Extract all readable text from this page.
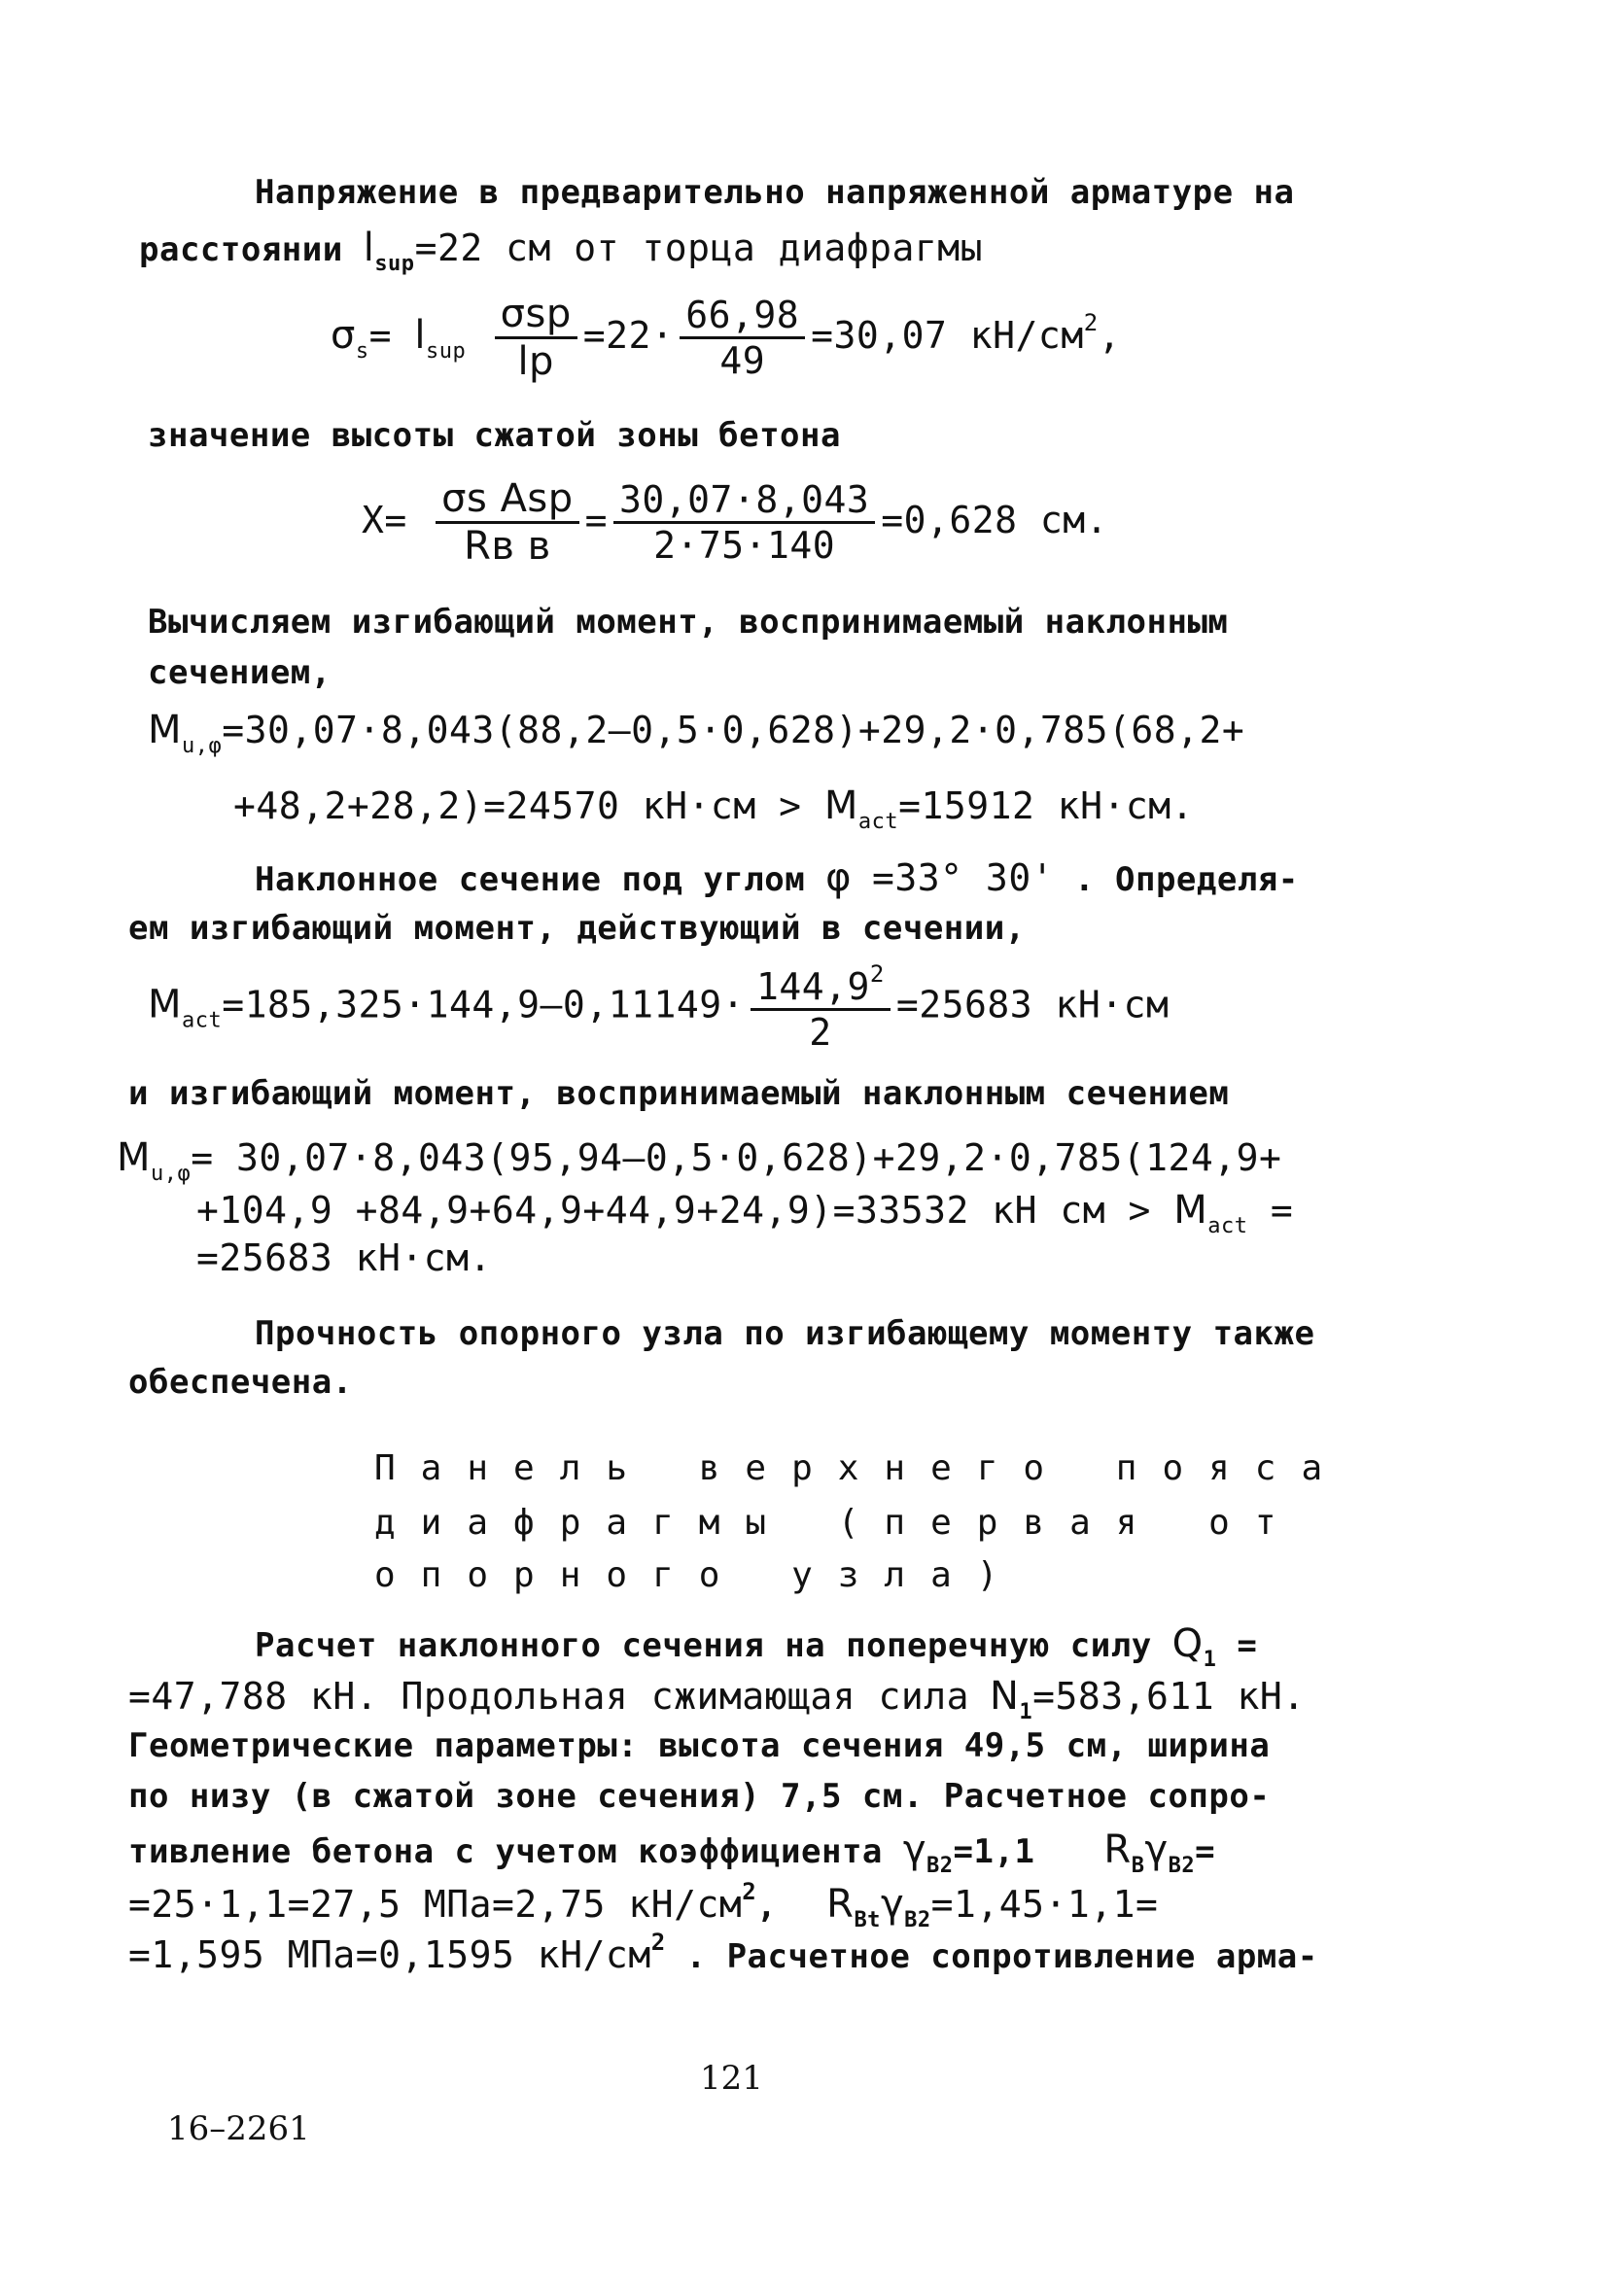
Напряжение в предварительно напряженной арматуре на
расстоянии $l_{sup}=22$ см от торца диафрагмы
$\sigma_s= l_{sup} \frac{\text{σsp}}{lp} =22\cdot \frac{66,98}{49} =30,07$ $кН/см^2$,
значение высоты сжатой зоны бетона
$X= \frac{\text{σs Asp}}{\text{Rв в}} = \frac{30,07\cdot 8,043}{2\cdot 75\cdot 140} =0,628$ см.
Вычисляем изгибающий момент, воспринимаемый наклонным
сечением,
$M_{u,\varphi}=30,07\cdot 8,043(88,2-0,5\cdot 0,628)+29,2\cdot 0,785(68,2+$
+48,2+28,2)=24570 $кН\cdot см > M_{act}=15912$ кН·см.
Наклонное сечение под углом φ =33° 30' . Определя-
ем изгибающий момент, действующий в сечении,
$M_{act}=185,325\cdot 144,9-0,11149\cdot \frac{144,9^2}{2} =25683$ кН·см
и изгибающий момент, воспринимаемый наклонным сечением
$M_{u,\varphi}= 30,07\cdot 8,043(95,94-0,5\cdot 0,628)+29,2\cdot 0,785(124,9+$
+104,9 +84,9+64,9+44,9+24,9)=33532 кН см > $M_{act}$ =
=25683 кН·см.
Прочность опорного узла по изгибающему моменту также
обеспечена.
Панель верхнего пояса
диафрагмы (первая от
опорного узла)
Расчет наклонного сечения на поперечную силу $Q_1$ =
=47,788 кН. Продольная сжимающая сила $N_1=583,611$ кН.
Геометрические параметры: высота сечения 49,5 см, ширина
по низу (в сжатой зоне сечения) 7,5 см. Расчетное сопро-
тивление бетона с учетом коэффициента $\gamma_{B2}=1,1$ $R_B\gamma_{B2}=$
=25·1,1=27,5 МПа=2,75 $кН/см^2$, $R_{Bt}\gamma_{B2}=1,45\cdot 1,1=$
=1,595 МПа=0,1595 $кН/см^2$ . Расчетное сопротивление арма-
121
16–2261
